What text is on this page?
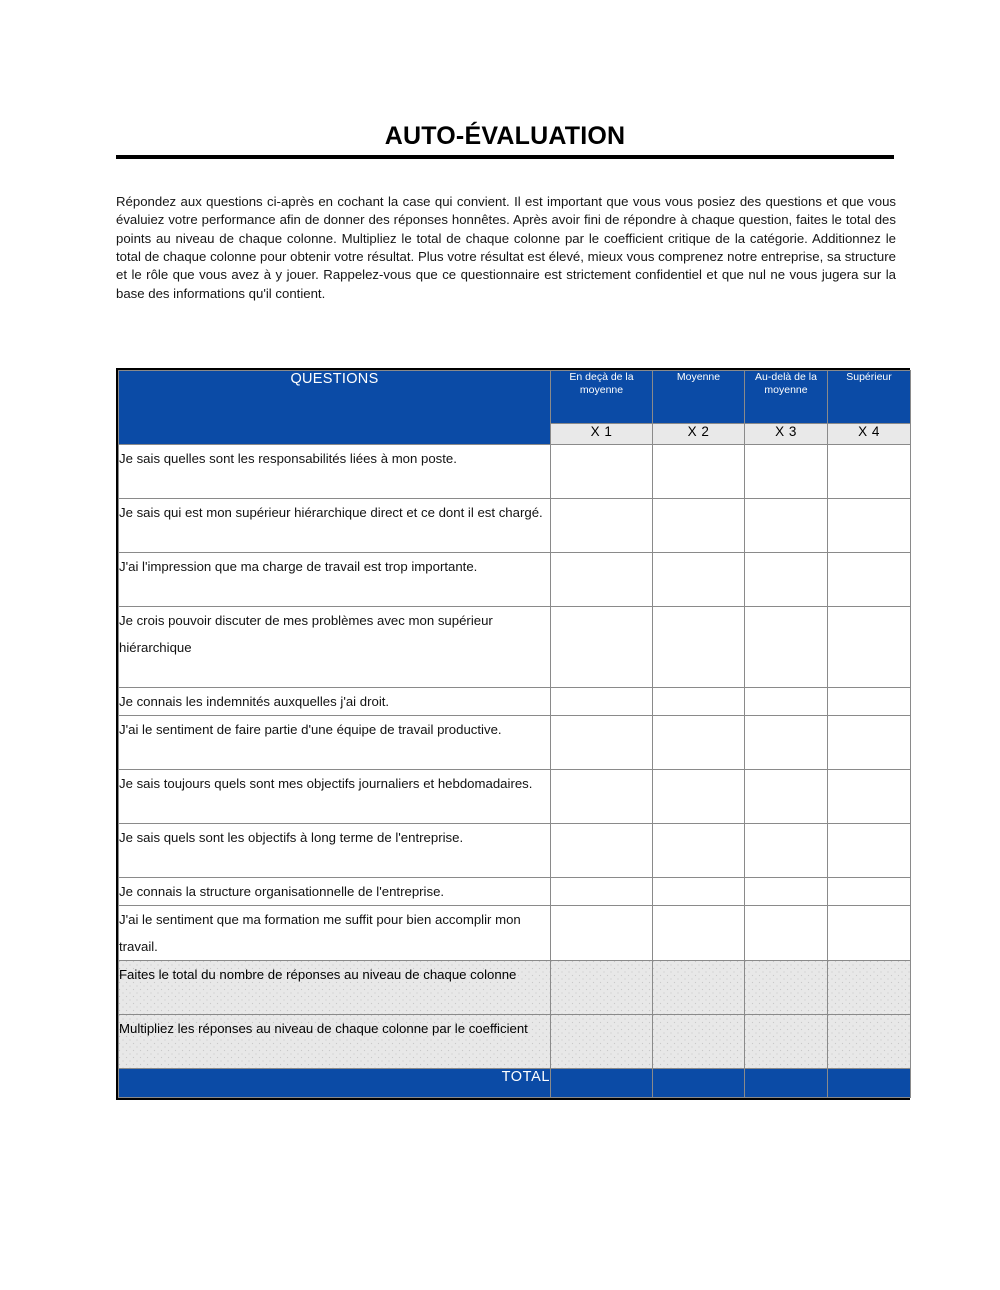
AUTO-ÉVALUATION

Répondez aux questions ci-après en cochant la case qui convient. Il est important que vous vous posiez des questions et que vous évaluiez votre performance afin de donner des réponses honnêtes. Après avoir fini de répondre à chaque question, faites le total des points au niveau de chaque colonne. Multipliez le total de chaque colonne par le coefficient critique de la catégorie. Additionnez le total de chaque colonne pour obtenir votre résultat. Plus votre résultat est élevé, mieux vous comprenez notre entreprise, sa structure et le rôle que vous avez à y jouer. Rappelez-vous que ce questionnaire est strictement confidentiel et que nul ne vous jugera sur la base des informations qu'il contient.

QUESTIONS	En deçà de la moyenne	Moyenne	Au-delà de la moyenne	Supérieur
	X 1	X 2	X 3	X 4
Je sais quelles sont les responsabilités liées à mon poste.				
Je sais qui est mon supérieur hiérarchique direct et ce dont il est chargé.				
J'ai l'impression que ma charge de travail est trop importante.				
Je crois pouvoir discuter de mes problèmes avec mon supérieur hiérarchique				
Je connais les indemnités auxquelles j'ai droit.				
J'ai le sentiment de faire partie d'une équipe de travail productive.				
Je sais toujours quels sont mes objectifs journaliers et hebdomadaires.				
Je sais quels sont les objectifs à long terme de l'entreprise.				
Je connais la structure organisationnelle de l'entreprise.				
J'ai le sentiment que ma formation me suffit pour bien accomplir mon travail.				
Faites le total du nombre de réponses au niveau de chaque colonne				
Multipliez les réponses au niveau de chaque colonne par le coefficient				
TOTAL				
